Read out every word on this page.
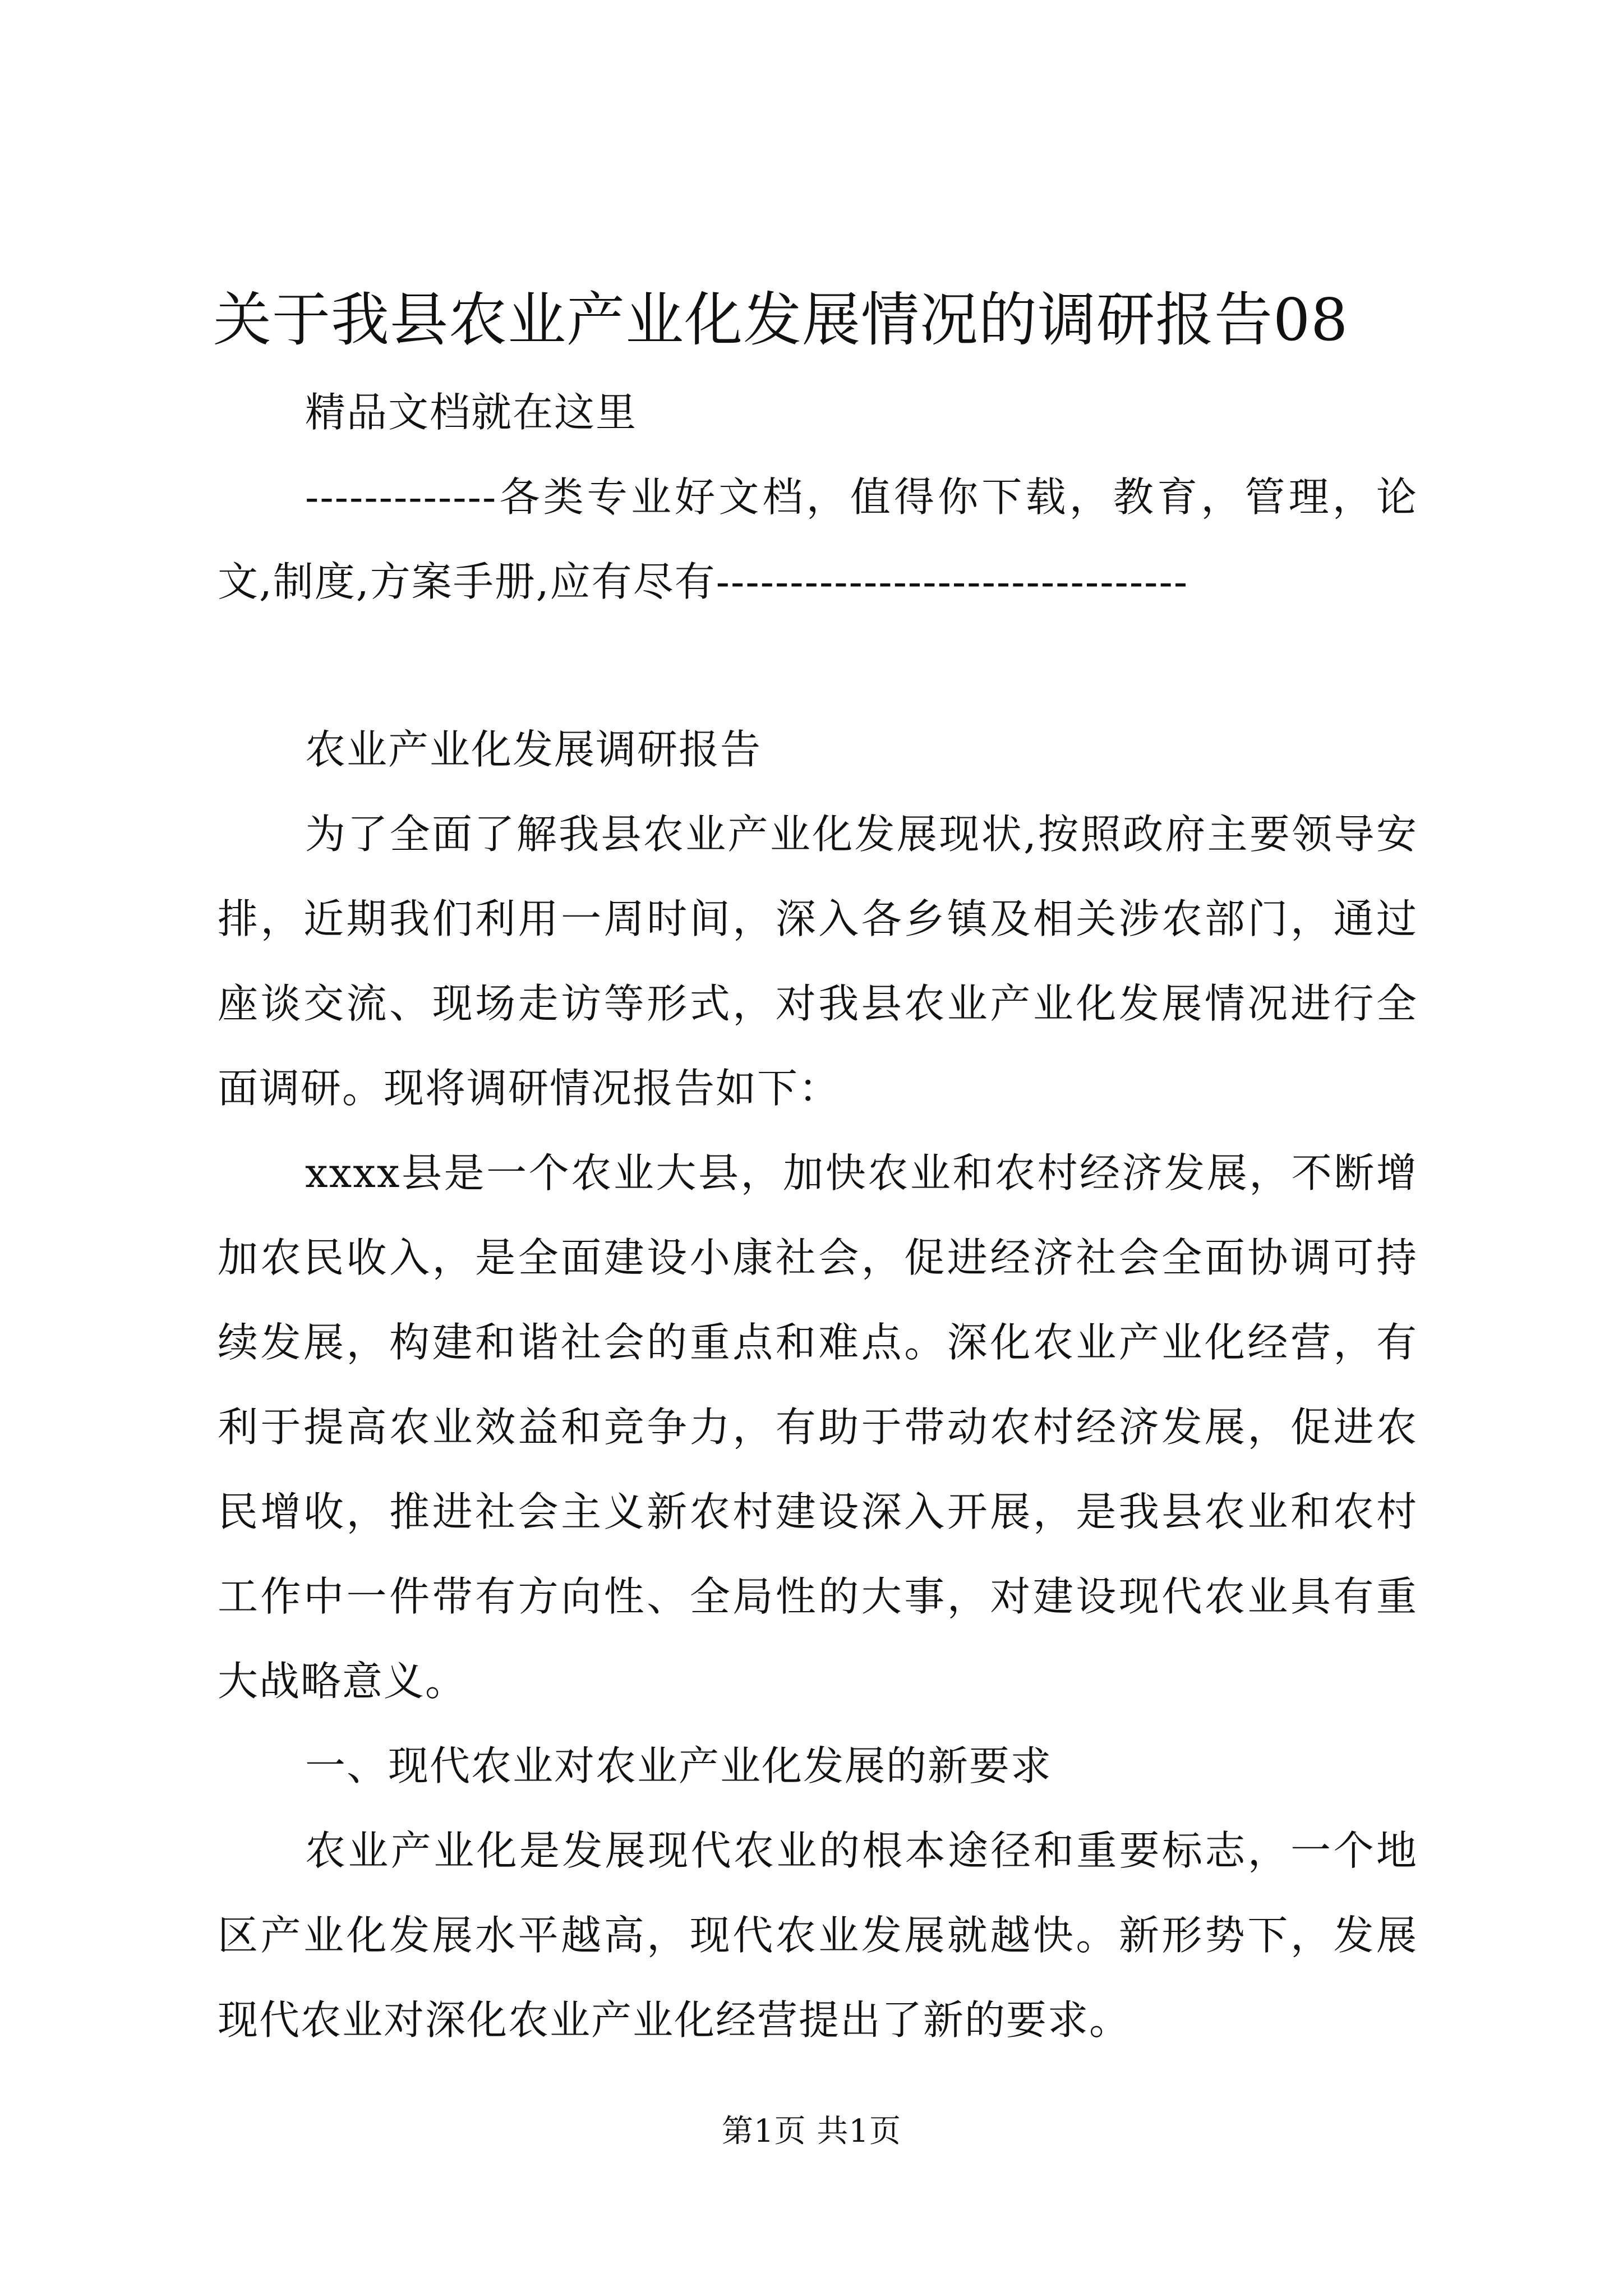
关于我县农业产业化发展情况的调研报告08

精品文档就在这里

-------------各类专业好文档，值得你下载，教育，管理，论文,制度,方案手册,应有尽有--------------------------------

农业产业化发展调研报告

为了全面了解我县农业产业化发展现状,按照政府主要领导安排，近期我们利用一周时间，深入各乡镇及相关涉农部门，通过座谈交流、现场走访等形式，对我县农业产业化发展情况进行全面调研。现将调研情况报告如下：

xxxx县是一个农业大县，加快农业和农村经济发展，不断增加农民收入，是全面建设小康社会，促进经济社会全面协调可持续发展，构建和谐社会的重点和难点。深化农业产业化经营，有利于提高农业效益和竞争力，有助于带动农村经济发展，促进农民增收，推进社会主义新农村建设深入开展，是我县农业和农村工作中一件带有方向性、全局性的大事，对建设现代农业具有重大战略意义。

一、现代农业对农业产业化发展的新要求

农业产业化是发展现代农业的根本途径和重要标志，一个地区产业化发展水平越高，现代农业发展就越快。新形势下，发展现代农业对深化农业产业化经营提出了新的要求。

第1页 共1页
